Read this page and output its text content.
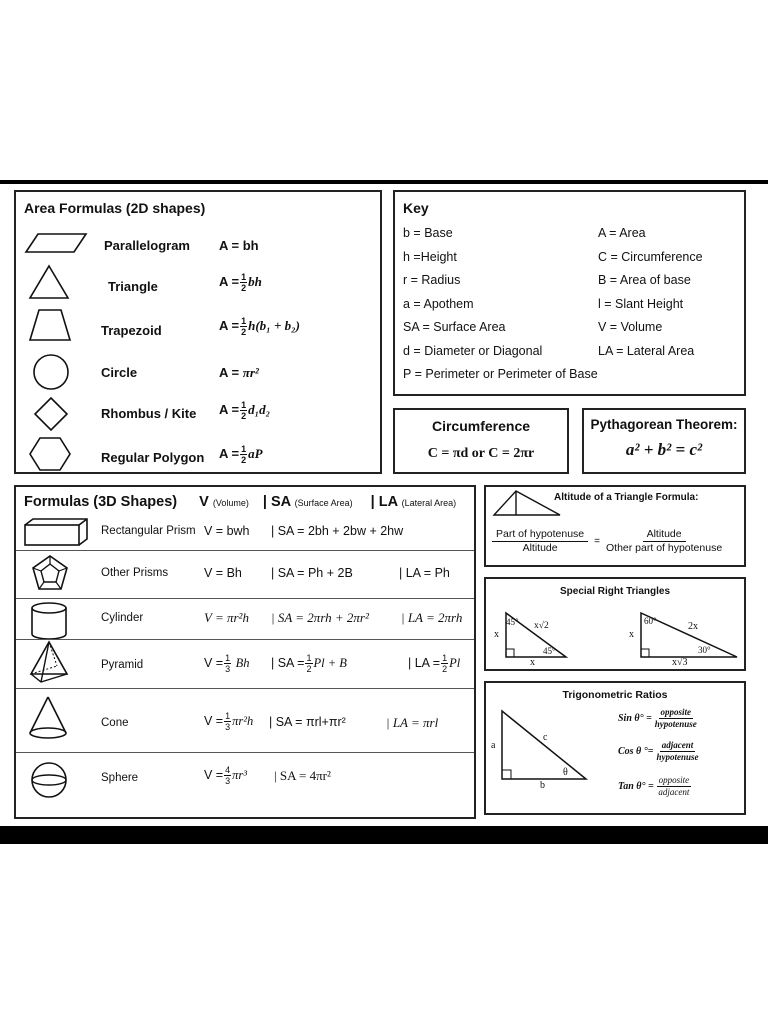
Area Formulas (2D shapes)
Parallelogram A = bh
Triangle	$A = \frac{1}{2}$ bh
Trapezoid	$A = \frac{1}{2} h(b_1 + b_2)$
Circle	A = πr²
Rhombus / Kite $A = \frac{1}{2} d_1d_2$
Regular Polygon $A = \frac{1}{2}$ aP
Key
b = Base
h =Height
r = Radius
a = Apothem
SA = Surface Area
d = Diameter or Diagonal
P = Perimeter or Perimeter of Base
A = Area
C = Circumference
B = Area of base
l = Slant Height
V = Volume
LA = Lateral Area
Circumference
C = πd or C = 2πr
Pythagorean Theorem:
a² + b² = c²
Formulas (3D Shapes) V (Volume) | SA (Surface Area) | LA (Lateral Area)
Rectangular Prism V = bwh | SA = 2bh + 2bw + 2hw
Other Prisms	V = Bh | SA = Ph + 2B	| LA = Ph
Cylinder	V = πr²h | SA = 2πrh + 2πr² | LA = 2πrh
Pyramid	$V = \frac{1}{3}$ Bh | SA = $\frac{1}{2}$ Pl + B	| LA = $\frac{1}{2}$ Pl
Cone	$V = \frac{1}{3} \pi r^2h$ | SA = πrl+πr²	| LA = πrl
Sphere	$V = \frac{4}{3} \pi r^3$ | SA = 4πr²
Altitude of a Triangle Formula:
Part of hypotenuse
Altitude
=
Altitude
Other part of hypotenuse
Special Right Triangles
45°
45°
x
x
x√2	60°
30°
x
x√3
2x
Trigonometric Ratios
a
c
b
θ
Sin θ° =
opposite
hypotenuse
Cos θ °=
adjacent
hypotenuse
Tan θ° =
opposite
adjacent
